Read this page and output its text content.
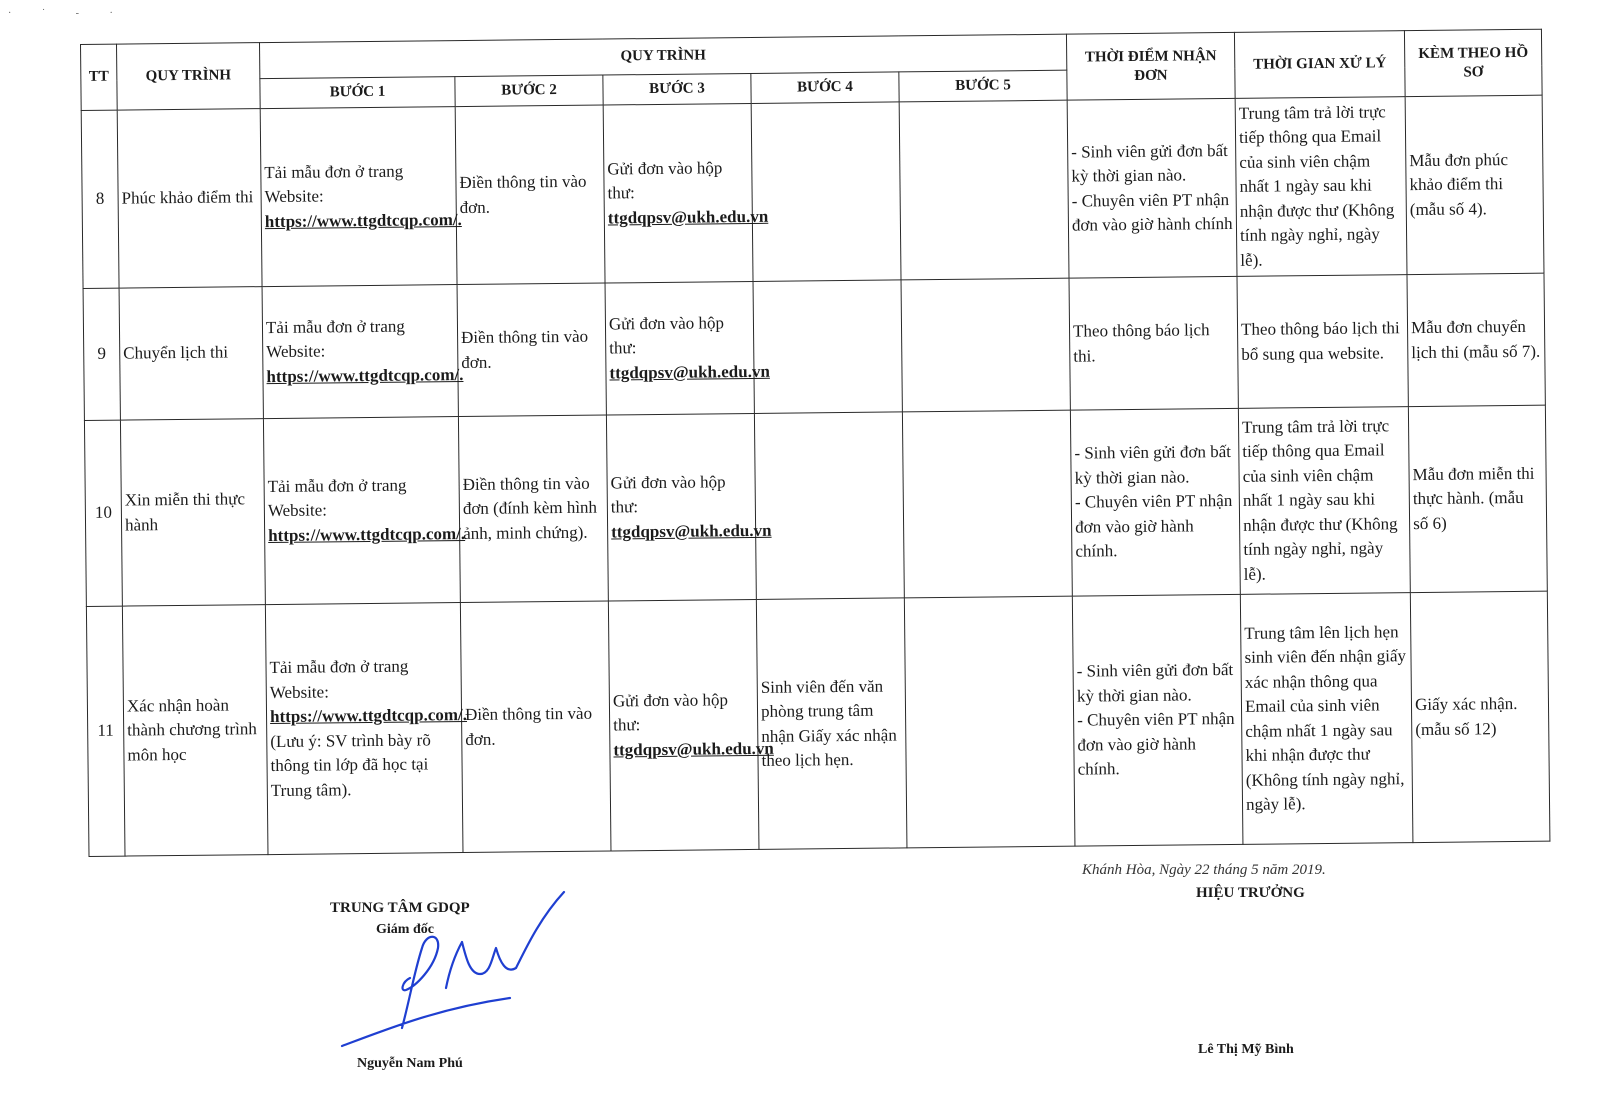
· ˙ - ·
TT	QUY TRÌNH	QUY TRÌNH					THỜI ĐIỂM NHẬN ĐƠN	THỜI GIAN XỬ LÝ	KÈM THEO HỒ SƠ
		BƯỚC 1	BƯỚC 2	BƯỚC 3	BƯỚC 4	BƯỚC 5			
8	Phúc khảo điểm thi	Tải mẫu đơn ở trang Website:
https://www.ttgdtcqp.com/.	Điền thông tin vào đơn.	Gửi đơn vào hộp thư:
ttgdqpsv@ukh.edu.vn			- Sinh viên gửi đơn bất kỳ thời gian nào.
- Chuyên viên PT nhận đơn vào giờ hành chính	Trung tâm trả lời trực tiếp thông qua Email của sinh viên chậm nhất 1 ngày sau khi nhận được thư (Không tính ngày nghỉ, ngày lễ).	Mẫu đơn phúc khảo điểm thi (mẫu số 4).
9	Chuyển lịch thi	Tải mẫu đơn ở trang Website:
https://www.ttgdtcqp.com/.	Điền thông tin vào đơn.	Gửi đơn vào hộp thư:
ttgdqpsv@ukh.edu.vn			Theo thông báo lịch thi.	Theo thông báo lịch thi bổ sung qua website.	Mẫu đơn chuyển lịch thi (mẫu số 7).
10	Xin miễn thi thực hành	Tải mẫu đơn ở trang Website:
https://www.ttgdtcqp.com/.	Điền thông tin vào đơn (đính kèm hình ảnh, minh chứng).	Gửi đơn vào hộp thư:
ttgdqpsv@ukh.edu.vn			- Sinh viên gửi đơn bất kỳ thời gian nào.
- Chuyên viên PT nhận đơn vào giờ hành chính.	Trung tâm trả lời trực tiếp thông qua Email của sinh viên chậm nhất 1 ngày sau khi nhận được thư (Không tính ngày nghỉ, ngày lễ).	Mẫu đơn miễn thi thực hành. (mẫu số 6)
11	Xác nhận hoàn thành chương trình môn học	Tải mẫu đơn ở trang Website:
https://www.ttgdtcqp.com/. (Lưu ý: SV trình bày rõ thông tin lớp đã học tại Trung tâm).	Điền thông tin vào đơn.	Gửi đơn vào hộp thư:
ttgdqpsv@ukh.edu.vn	Sinh viên đến văn phòng trung tâm nhận Giấy xác nhận theo lịch hẹn.		- Sinh viên gửi đơn bất kỳ thời gian nào.
- Chuyên viên PT nhận đơn vào giờ hành chính.	Trung tâm lên lịch hẹn sinh viên đến nhận giấy xác nhận thông qua Email của sinh viên chậm nhất 1 ngày sau khi nhận được thư (Không tính ngày nghỉ, ngày lễ).	Giấy xác nhận. (mẫu số 12)
Khánh Hòa, Ngày 22 tháng 5 năm 2019.
HIỆU TRƯỞNG
TRUNG TÂM GDQP
Giám đốc
Nguyễn Nam Phú
Lê Thị Mỹ Bình
